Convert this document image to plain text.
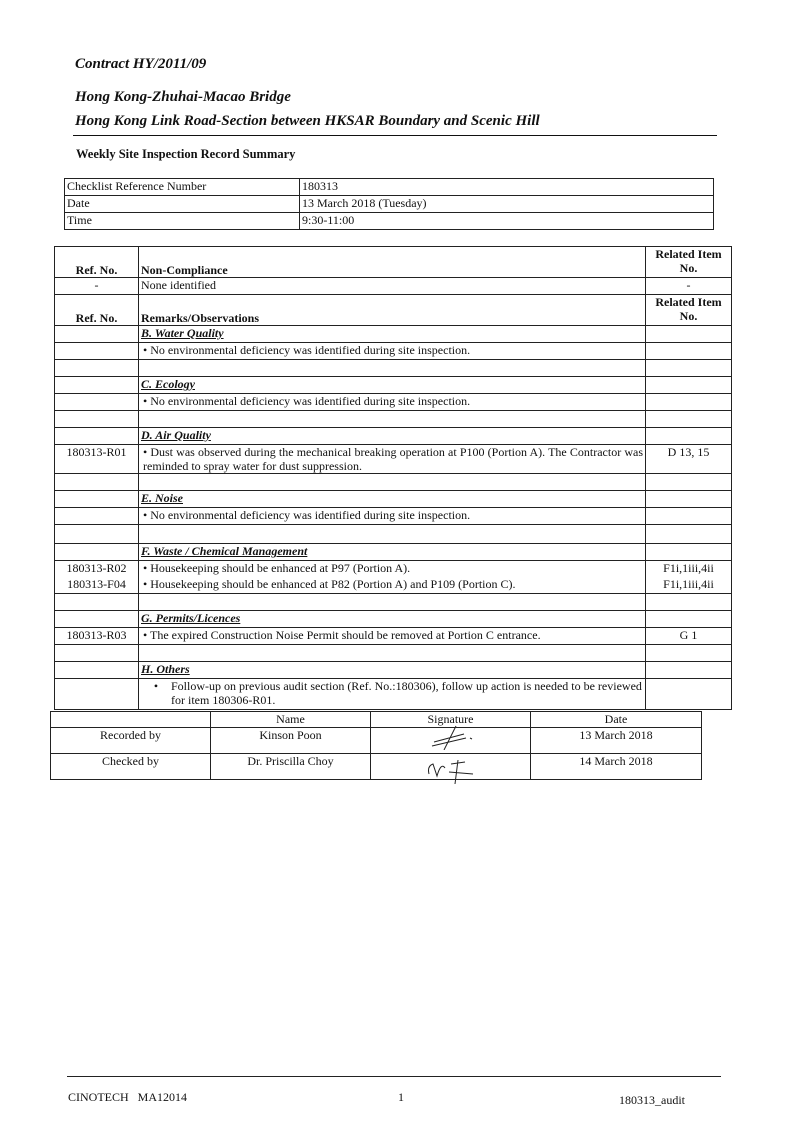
Contract HY/2011/09
Hong Kong-Zhuhai-Macao Bridge
Hong Kong Link Road-Section between HKSAR Boundary and Scenic Hill
Weekly Site Inspection Record Summary
Checklist Reference Number	180313
Date	13 March 2018 (Tuesday)
Time	9:30-11:00
Ref. No.	Non-Compliance	Related Item No.
-	None identified	-
Ref. No.	Remarks/Observations	Related Item No.
	B. Water Quality	
	• No environmental deficiency was identified during site inspection.	

	C. Ecology	
	• No environmental deficiency was identified during site inspection.	

	D. Air Quality	
180313-R01	• Dust was observed during the mechanical breaking operation at P100 (Portion A). The Contractor was reminded to spray water for dust suppression.	D 13, 15

	E. Noise	
	• No environmental deficiency was identified during site inspection.	

	F. Waste / Chemical Management	
180313-R02	• Housekeeping should be enhanced at P97 (Portion A).	F1i,1iii,4ii
180313-F04	• Housekeeping should be enhanced at P82 (Portion A) and P109 (Portion C).	F1i,1iii,4ii

	G. Permits/Licences	
180313-R03	• The expired Construction Noise Permit should be removed at Portion C entrance.	G 1

	H. Others	

	• Follow-up on previous audit section (Ref. No.:180306), follow up action is needed to be reviewed for item 180306-R01.	

	Name	Signature	Date
Recorded by	Kinson Poon		13 March 2018
Checked by	Dr. Priscilla Choy		14 March 2018
CINOTECH   MA12014	1	180313_audit
